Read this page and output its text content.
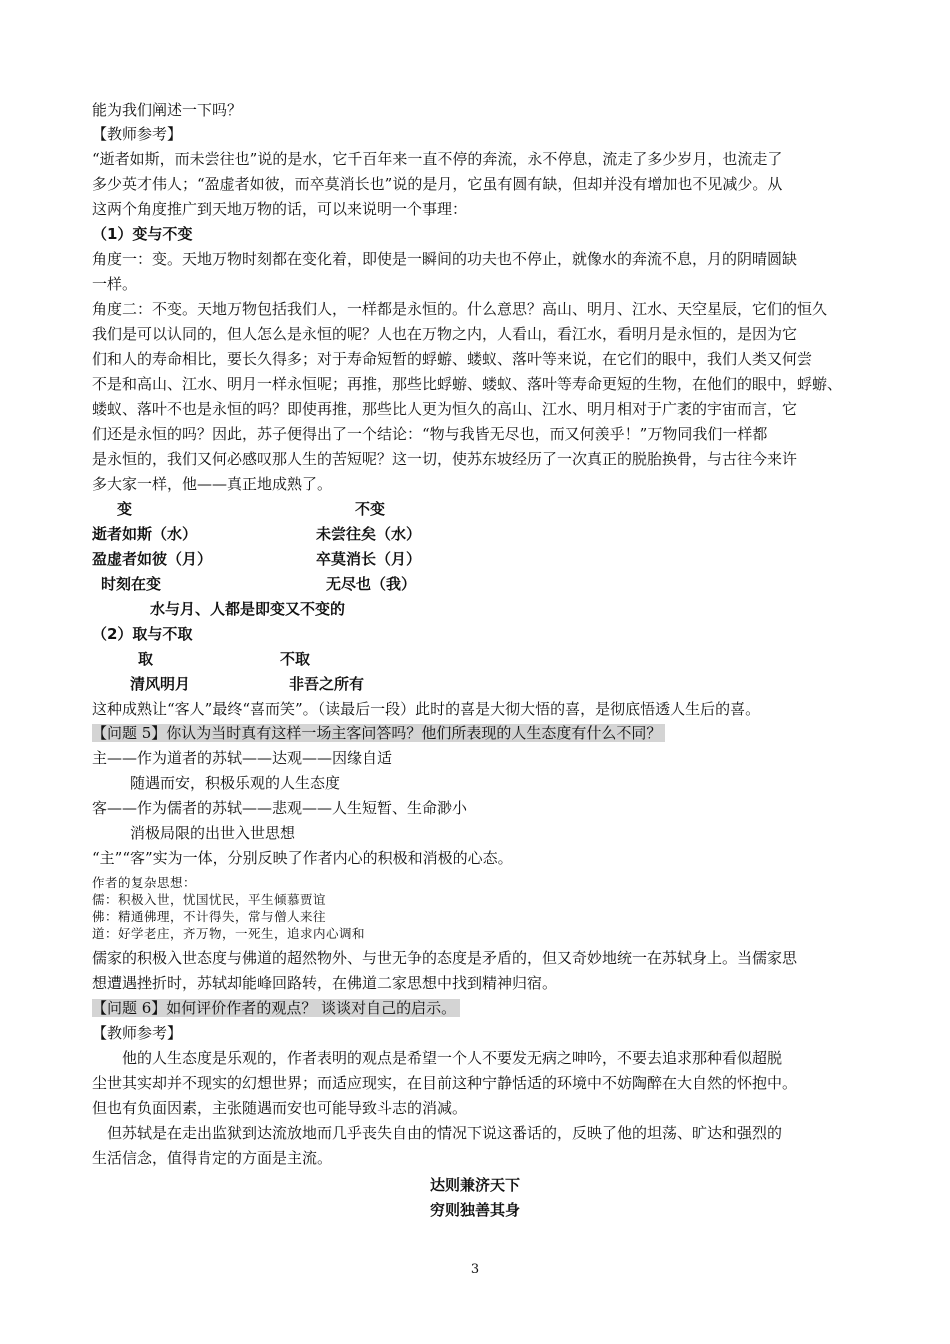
能为我们阐述一下吗？
【教师参考】
“逝者如斯，而未尝往也”说的是水，它千百年来一直不停的奔流，永不停息，流走了多少岁月，也流走了
多少英才伟人；“盈虚者如彼，而卒莫消长也”说的是月，它虽有圆有缺，但却并没有增加也不见减少。从
这两个角度推广到天地万物的话，可以来说明一个事理：
（1）变与不变
角度一：变。天地万物时刻都在变化着，即使是一瞬间的功夫也不停止，就像水的奔流不息，月的阴晴圆缺
一样。
角度二：不变。天地万物包括我们人，一样都是永恒的。什么意思？高山、明月、江水、天空星辰，它们的恒久
我们是可以认同的，但人怎么是永恒的呢？人也在万物之内，人看山，看江水，看明月是永恒的，是因为它
们和人的寿命相比，要长久得多；对于寿命短暂的蜉蝣、蝼蚁、落叶等来说，在它们的眼中，我们人类又何尝
不是和高山、江水、明月一样永恒呢；再推，那些比蜉蝣、蝼蚁、落叶等寿命更短的生物，在他们的眼中，蜉蝣、
蝼蚁、落叶不也是永恒的吗？即使再推，那些比人更为恒久的高山、江水、明月相对于广袤的宇宙而言，它
们还是永恒的吗？因此，苏子便得出了一个结论：“物与我皆无尽也，而又何羡乎！”万物同我们一样都
是永恒的，我们又何必感叹那人生的苦短呢？这一切，使苏东坡经历了一次真正的脱胎换骨，与古往今来许
多大家一样，他——真正地成熟了。
变	不变
逝者如斯（水）	未尝往矣（水）
盈虚者如彼（月）	卒莫消长（月）
时刻在变	无尽也（我）
水与月、人都是即变又不变的
（2）取与不取
取	不取
清风明月	非吾之所有
这种成熟让“客人”最终“喜而笑”。（读最后一段）此时的喜是大彻大悟的喜，是彻底悟透人生后的喜。
【问题 5】你认为当时真有这样一场主客问答吗？他们所表现的人生态度有什么不同？
主——作为道者的苏轼——达观——因缘自适
随遇而安，积极乐观的人生态度
客——作为儒者的苏轼——悲观——人生短暂、生命渺小
消极局限的出世入世思想
“主”“客”实为一体，分别反映了作者内心的积极和消极的心态。
作者的复杂思想：
儒：积极入世，忧国忧民，平生倾慕贾谊
佛：精通佛理，不计得失，常与僧人来往
道：好学老庄，齐万物，一死生，追求内心调和
儒家的积极入世态度与佛道的超然物外、与世无争的态度是矛盾的，但又奇妙地统一在苏轼身上。当儒家思
想遭遇挫折时，苏轼却能峰回路转，在佛道二家思想中找到精神归宿。
【问题 6】如何评价作者的观点？ 谈谈对自己的启示。
【教师参考】
他的人生态度是乐观的，作者表明的观点是希望一个人不要发无病之呻吟，不要去追求那种看似超脱
尘世其实却并不现实的幻想世界；而适应现实，在目前这种宁静恬适的环境中不妨陶醉在大自然的怀抱中。
但也有负面因素，主张随遇而安也可能导致斗志的消减。
但苏轼是在走出监狱到达流放地而几乎丧失自由的情况下说这番话的，反映了他的坦荡、旷达和强烈的
生活信念，值得肯定的方面是主流。
达则兼济天下
穷则独善其身
3
